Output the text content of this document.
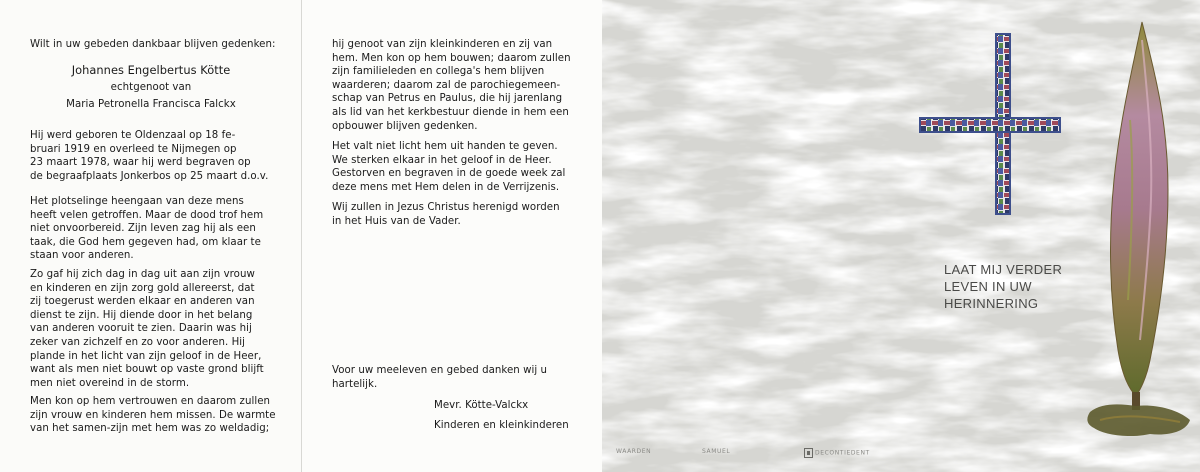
Wilt in uw gebeden dankbaar blijven gedenken:
Johannes Engelbertus Kötte
echtgenoot van
Maria Petronella Francisca Falckx
Hij werd geboren te Oldenzaal op 18 fe-
bruari 1919 en overleed te Nijmegen op
23 maart 1978, waar hij werd begraven op
de begraafplaats Jonkerbos op 25 maart d.o.v.
Het plotselinge heengaan van deze mens
heeft velen getroffen. Maar de dood trof hem
niet onvoorbereid. Zijn leven zag hij als een
taak, die God hem gegeven had, om klaar te
staan voor anderen.
Zo gaf hij zich dag in dag uit aan zijn vrouw
en kinderen en zijn zorg gold allereerst, dat
zij toegerust werden elkaar en anderen van
dienst te zijn. Hij diende door in het belang
van anderen vooruit te zien. Daarin was hij
zeker van zichzelf en zo voor anderen. Hij
plande in het licht van zijn geloof in de Heer,
want als men niet bouwt op vaste grond blijft
men niet overeind in de storm.
Men kon op hem vertrouwen en daarom zullen
zijn vrouw en kinderen hem missen. De warmte
van het samen-zijn met hem was zo weldadig;
hij genoot van zijn kleinkinderen en zij van
hem. Men kon op hem bouwen; daarom zullen
zijn familieleden en collega's hem blijven
waarderen; daarom zal de parochiegemeen-
schap van Petrus en Paulus, die hij jarenlang
als lid van het kerkbestuur diende in hem een
opbouwer blijven gedenken.
Het valt niet licht hem uit handen te geven.
We sterken elkaar in het geloof in de Heer.
Gestorven en begraven in de goede week zal
deze mens met Hem delen in de Verrijzenis.
Wij zullen in Jezus Christus herenigd worden
in het Huis van de Vader.
Voor uw meeleven en gebed danken wij u
hartelijk.
Mevr. Kötte-Valckx
Kinderen en kleinkinderen
LAAT MIJ VERDER
LEVEN IN UW
HERINNERING
WAARDEN	SAMUEL	DECONTIEDENT
